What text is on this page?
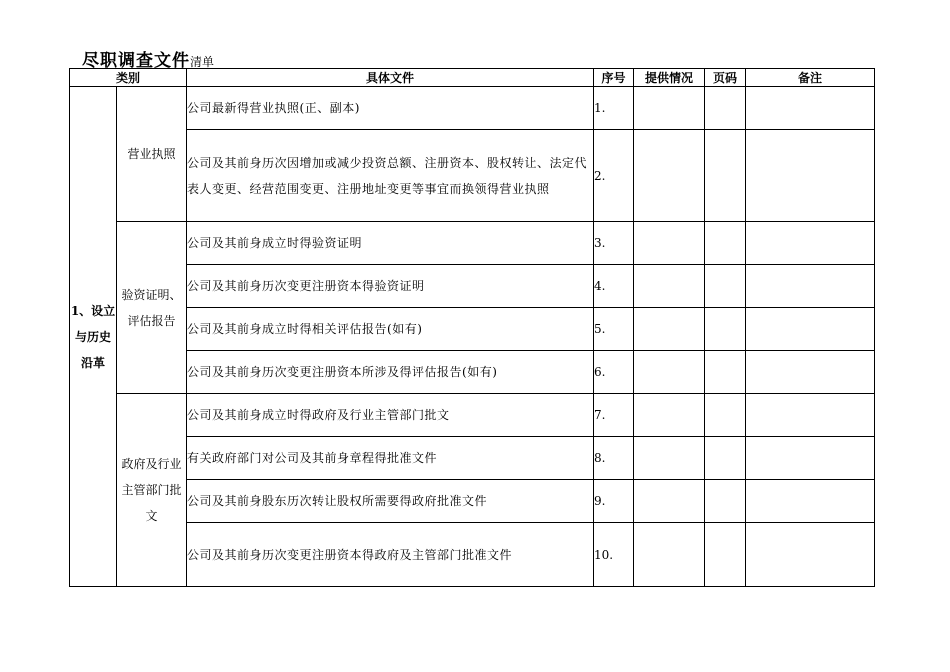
尽职调查文件清单
类别		具体文件	序号	提供情况	页码	备注
1、设立与历史沿革	营业执照	公司最新得营业执照(正、副本)	1.			
		公司及其前身历次因增加或减少投资总额、注册资本、股权转让、法定代表人变更、经营范围变更、注册地址变更等事宜而换领得营业执照	2.			
	验资证明、评估报告	公司及其前身成立时得验资证明	3.			
		公司及其前身历次变更注册资本得验资证明	4.			
		公司及其前身成立时得相关评估报告(如有)	5.			
		公司及其前身历次变更注册资本所涉及得评估报告(如有)	6.			
	政府及行业主管部门批文	公司及其前身成立时得政府及行业主管部门批文	7.			
		有关政府部门对公司及其前身章程得批准文件	8.			
		公司及其前身股东历次转让股权所需要得政府批准文件	9.			
		公司及其前身历次变更注册资本得政府及主管部门批准文件	10.			
